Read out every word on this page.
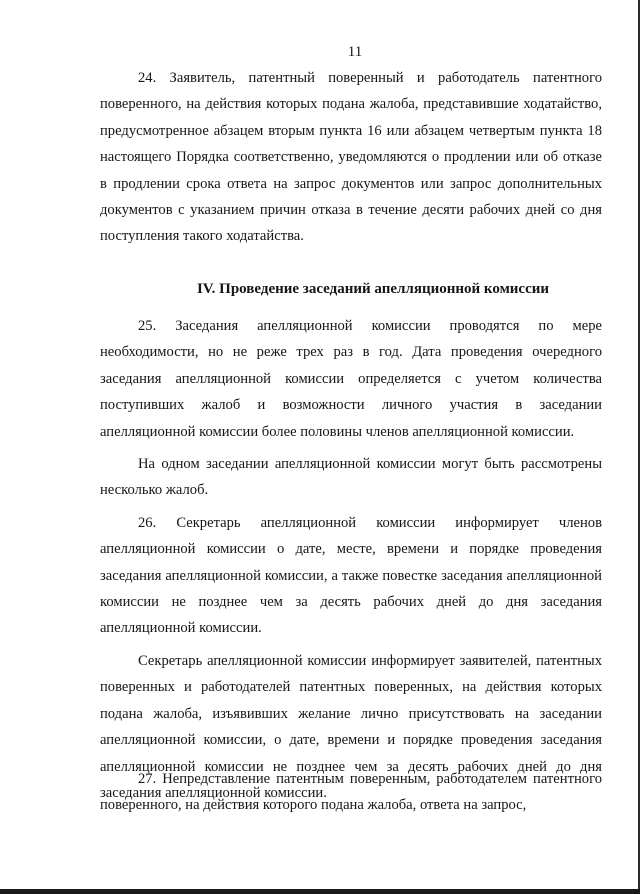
11

24. Заявитель, патентный поверенный и работодатель патентного поверенного, на действия которых подана жалоба, представившие ходатайство, предусмотренное абзацем вторым пункта 16 или абзацем четвертым пункта 18 настоящего Порядка соответственно, уведомляются о продлении или об отказе в продлении срока ответа на запрос документов или запрос дополнительных документов с указанием причин отказа в течение десяти рабочих дней со дня поступления такого ходатайства.

IV. Проведение заседаний апелляционной комиссии

25. Заседания апелляционной комиссии проводятся по мере необходимости, но не реже трех раз в год. Дата проведения очередного заседания апелляционной комиссии определяется с учетом количества поступивших жалоб и возможности личного участия в заседании апелляционной комиссии более половины членов апелляционной комиссии.

На одном заседании апелляционной комиссии могут быть рассмотрены несколько жалоб.

26. Секретарь апелляционной комиссии информирует членов апелляционной комиссии о дате, месте, времени и порядке проведения заседания апелляционной комиссии, а также повестке заседания апелляционной комиссии не позднее чем за десять рабочих дней до дня заседания апелляционной комиссии.

Секретарь апелляционной комиссии информирует заявителей, патентных поверенных и работодателей патентных поверенных, на действия которых подана жалоба, изъявивших желание лично присутствовать на заседании апелляционной комиссии, о дате, времени и порядке проведения заседания апелляционной комиссии не позднее чем за десять рабочих дней до дня заседания апелляционной комиссии.

27. Непредставление патентным поверенным, работодателем патентного поверенного, на действия которого подана жалоба, ответа на запрос,
